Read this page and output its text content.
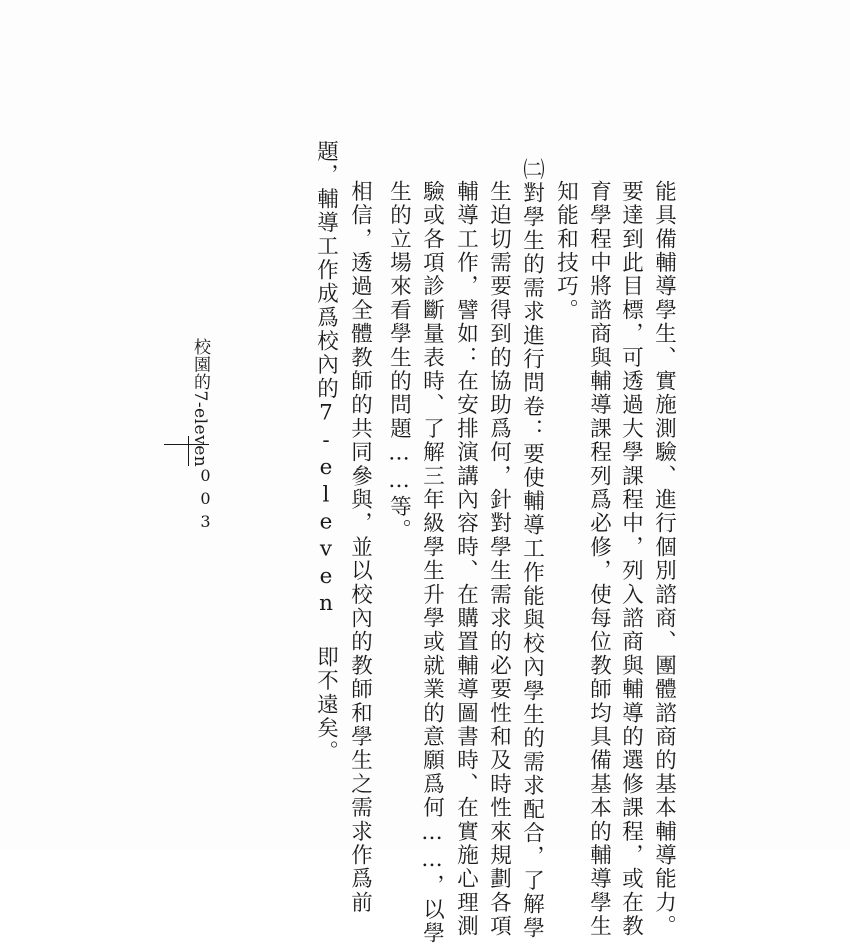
能具備輔導學生、實施測驗、進行個別諮商、團體諮商的基本輔導能力。
要達到此目標，可透過大學課程中，列入諮商與輔導的選修課程，或在教
育學程中將諮商與輔導課程列爲必修，使每位教師均具備基本的輔導學生
知能和技巧。
㈡對學生的需求進行問卷：要使輔導工作能與校內學生的需求配合，了解學
生迫切需要得到的協助爲何，針對學生需求的必要性和及時性來規劃各項
輔導工作，譬如：在安排演講內容時、在購置輔導圖書時、在實施心理測
驗或各項診斷量表時、了解三年級學生升學或就業的意願爲何……，以學
生的立場來看學生的問題……等。
相信，透過全體教師的共同參與，並以校內的教師和學生之需求作爲前
題，輔導工作成爲校內的7-eleven 即不遠矣。
校園的7-eleven
003
